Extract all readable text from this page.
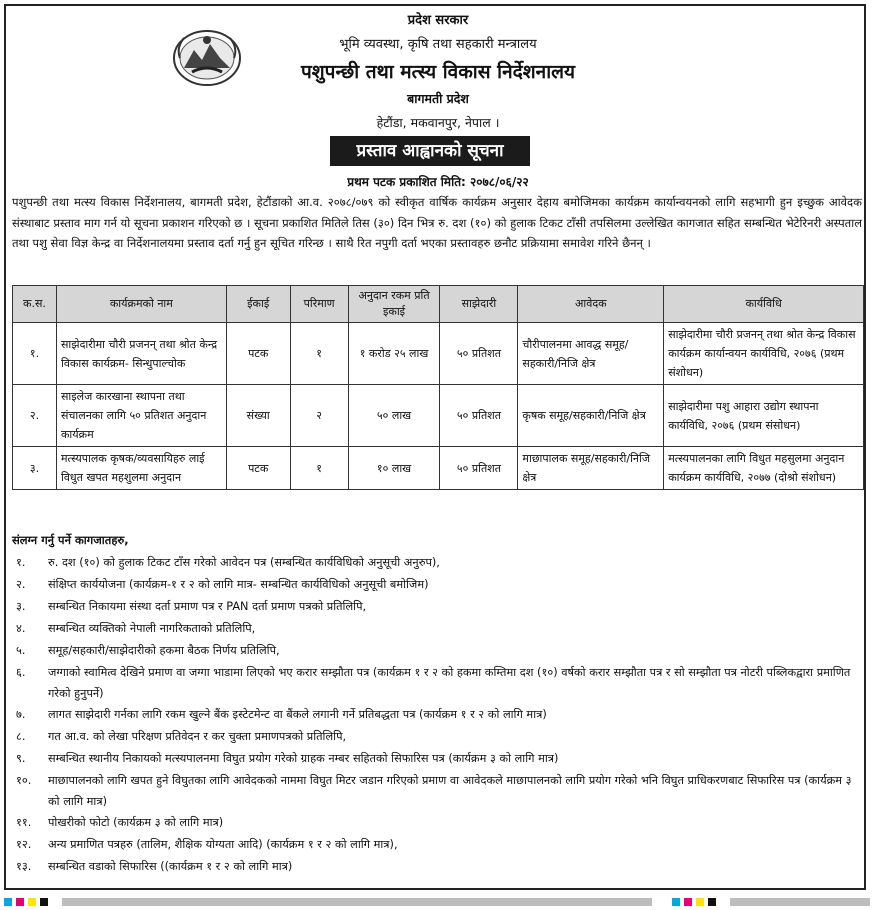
प्रदेश सरकार
भूमि व्यवस्था, कृषि तथा सहकारी मन्त्रालय
पशुपन्छी तथा मत्स्य विकास निर्देशनालय
बागमती प्रदेश
हेटौंडा, मकवानपुर, नेपाल ।
प्रस्ताव आह्वानको सूचना
प्रथम पटक प्रकाशित मिति: २०७८/०६/२२
पशुपन्छी तथा मत्स्य विकास निर्देशनालय, बागमती प्रदेश, हेटौंडाको आ.व. २०७८/०७९ को स्वीकृत वार्षिक कार्यक्रम अनुसार देहाय बमोजिमका कार्यक्रम कार्यान्वयनको लागि सहभागी हुन इच्छुक आवेदक संस्थाबाट प्रस्ताव माग गर्न यो सूचना प्रकाशन गरिएको छ । सूचना प्रकाशित मितिले तिस (३०) दिन भित्र रु. दश (१०) को हुलाक टिकट टाँसी तपसिलमा उल्लेखित कागजात सहित सम्बन्धित भेटेरिनरी अस्पताल तथा पशु सेवा विज्ञ केन्द्र वा निर्देशनालयमा प्रस्ताव दर्ता गर्नु हुन सूचित गरिन्छ । साथै रित नपुगी दर्ता भएका प्रस्तावहरु छनौट प्रक्रियामा समावेश गरिने छैनन् ।
क.स.	कार्यक्रमको नाम	ईकाई	परिमाण	अनुदान रकम प्रति इकाई	साझेदारी	आवेदक	कार्यविधि
१.	साझेदारीमा चौरी प्रजनन् तथा श्रोत केन्द्र विकास कार्यक्रम- सिन्धुपाल्चोक	पटक	१	१ करोड २५ लाख	५० प्रतिशत	चौरीपालनमा आवद्ध समूह/सहकारी/निजि क्षेत्र	साझेदारीमा चौरी प्रजनन् तथा श्रोत केन्द्र विकास कार्यक्रम कार्यान्वयन कार्यविधि, २०७६ (प्रथम संशोधन)
२.	साइलेज कारखाना स्थापना तथा संचालनका लागि ५० प्रतिशत अनुदान कार्यक्रम	संख्या	२	५० लाख	५० प्रतिशत	कृषक समूह/सहकारी/निजि क्षेत्र	साझेदारीमा पशु आहारा उद्योग स्थापना कार्यविधि, २०७६ (प्रथम संसोधन)
३.	मत्स्यपालक कृषक/व्यवसायिहरु लाई विधुत खपत महशुलमा अनुदान	पटक	१	१० लाख	५० प्रतिशत	माछापालक समूह/सहकारी/निजि क्षेत्र	मत्स्यपालनका लागि विधुत महसुलमा अनुदान कार्यक्रम कार्यविधि, २०७७ (दोश्रो संशोधन)
संलग्न गर्नु पर्ने कागजातहरु,
१.	रु. दश (१०) को हुलाक टिकट टाँस गरेको आवेदन पत्र (सम्बन्धित कार्यविधिको अनुसूची अनुरुप),
२.	संक्षिप्त कार्ययोजना (कार्यक्रम-१ र २ को लागि मात्र- सम्बन्धित कार्यविधिको अनुसूची बमोजिम)
३.	सम्बन्धित निकायमा संस्था दर्ता प्रमाण पत्र र PAN दर्ता प्रमाण पत्रको प्रतिलिपि,
४.	सम्बन्धित व्यक्तिको नेपाली नागरिकताको प्रतिलिपि,
५.	समूह/सहकारी/साझेदारीको हकमा बैठक निर्णय प्रतिलिपि,
६.	जग्गाको स्वामित्व देखिने प्रमाण वा जग्गा भाडामा लिएको भए करार सम्झौता पत्र (कार्यक्रम १ र २ को हकमा कम्तिमा दश (१०) वर्षको करार सम्झौता पत्र र सो सम्झौता पत्र नोटरी पब्लिकद्वारा प्रमाणित गरेको हुनुपर्ने)
७.	लागत साझेदारी गर्नका लागि रकम खुल्ने बैंक इस्टेटमेन्ट वा बैंकले लगानी गर्ने प्रतिबद्धता पत्र (कार्यक्रम १ र २ को लागि मात्र)
८.	गत आ.व. को लेखा परिक्षण प्रतिवेदन र कर चुक्ता प्रमाणपत्रको प्रतिलिपि,
९.	सम्बन्धित स्थानीय निकायको मत्स्यपालनमा विघुत प्रयोग गरेको ग्राहक नम्बर सहितको सिफारिस पत्र (कार्यक्रम ३ को लागि मात्र)
१०.	माछापालनको लागि खपत हुने विघुतका लागि आवेदकको नाममा विघुत मिटर जडान गरिएको प्रमाण वा आवेदकले माछापालनको लागि प्रयोग गरेको भनि विघुत प्राधिकरणबाट सिफारिस पत्र (कार्यक्रम ३ को लागि मात्र)
११.	पोखरीको फोटो (कार्यक्रम ३ को लागि मात्र)
१२.	अन्य प्रमाणित पत्रहरु (तालिम, शैक्षिक योग्यता आदि) (कार्यक्रम १ र २ को लागि मात्र),
१३.	सम्बन्धित वडाको सिफारिस ((कार्यक्रम १ र २ को लागि मात्र)
